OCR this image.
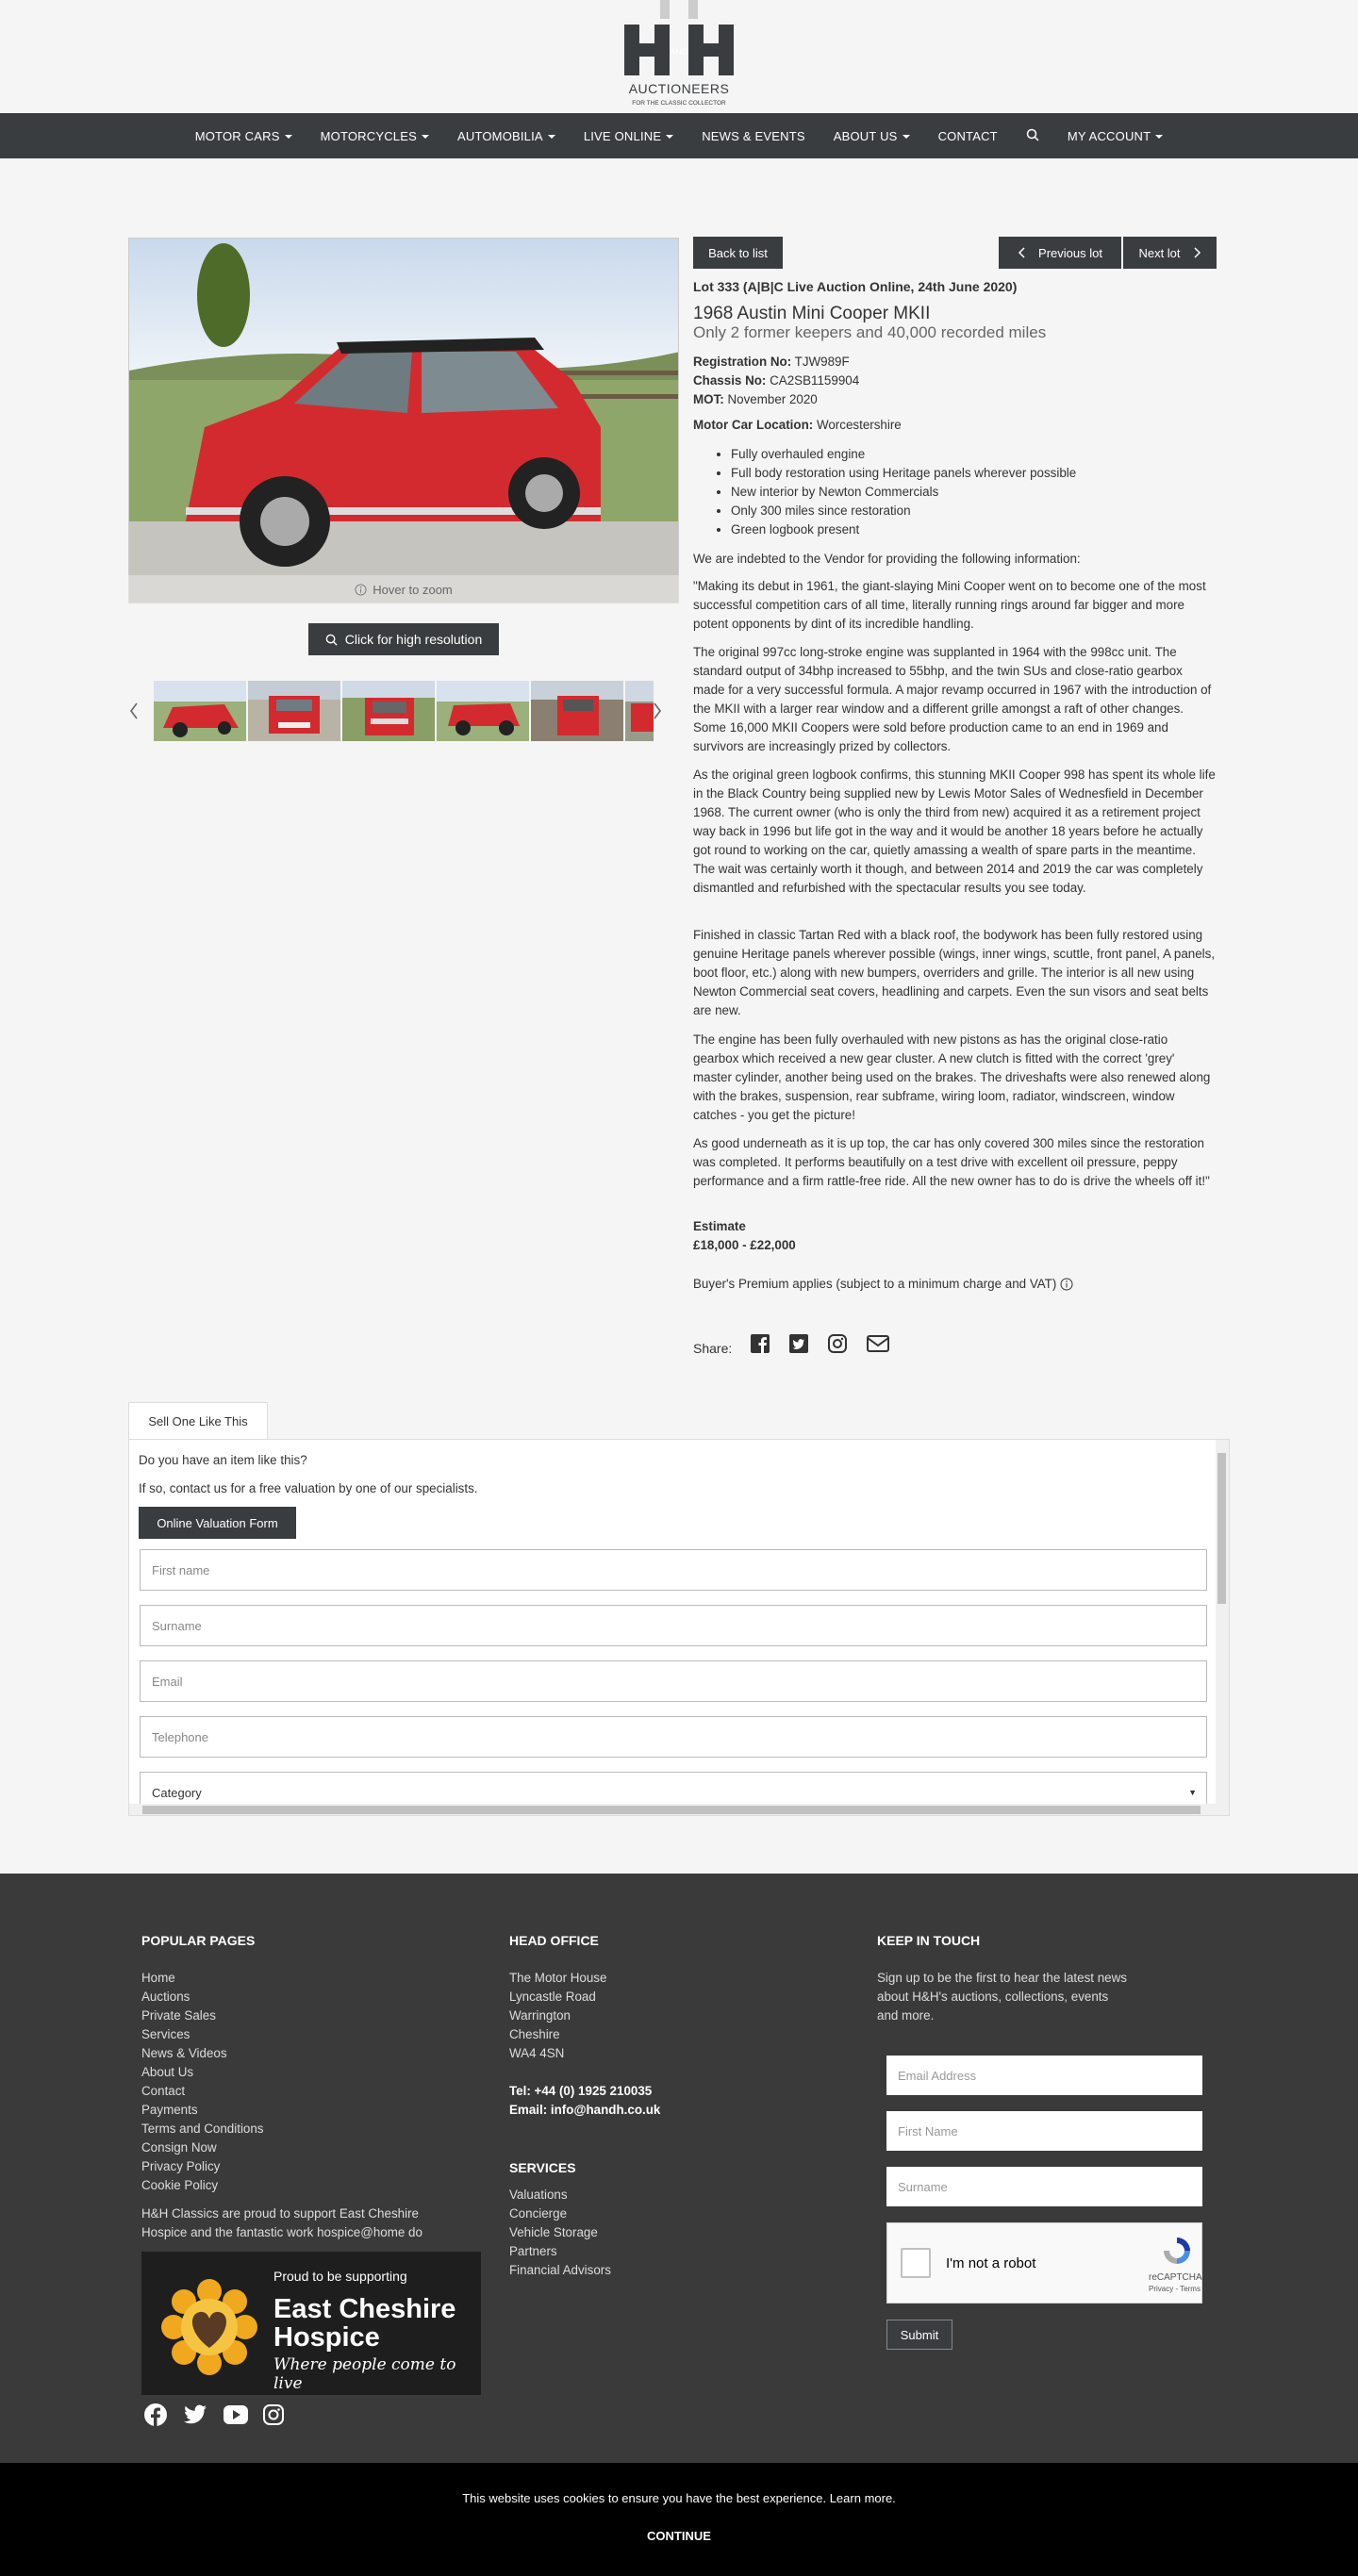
AND
AUCTIONEERS
FOR THE CLASSIC COLLECTOR
MOTOR CARS	MOTORCYCLES	AUTOMOBILIA	LIVE ONLINE	NEWS & EVENTS ABOUT US	CONTACT	MY ACCOUNT
Hover to zoom
Click for high resolution
Back to list	Previous lot	Next lot
Lot 333 (A|B|C Live Auction Online, 24th June 2020)
1968 Austin Mini Cooper MKII
Only 2 former keepers and 40,000 recorded miles
Registration No: TJW989F
Chassis No: CA2SB1159904
MOT: November 2020
Motor Car Location: Worcestershire
• Fully overhauled engine
• Full body restoration using Heritage panels wherever possible
• New interior by Newton Commercials
• Only 300 miles since restoration
• Green logbook present

We are indebted to the Vendor for providing the following information:

"Making its debut in 1961, the giant-slaying Mini Cooper went on to become one of the most successful competition cars of all time, literally running rings around far bigger and more potent opponents by dint of its incredible handling.

The original 997cc long-stroke engine was supplanted in 1964 with the 998cc unit. The standard output of 34bhp increased to 55bhp, and the twin SUs and close-ratio gearbox made for a very successful formula. A major revamp occurred in 1967 with the introduction of the MKII with a larger rear window and a different grille amongst a raft of other changes. Some 16,000 MKII Coopers were sold before production came to an end in 1969 and survivors are increasingly prized by collectors.

As the original green logbook confirms, this stunning MKII Cooper 998 has spent its whole life in the Black Country being supplied new by Lewis Motor Sales of Wednesfield in December 1968. The current owner (who is only the third from new) acquired it as a retirement project way back in 1996 but life got in the way and it would be another 18 years before he actually got round to working on the car, quietly amassing a wealth of spare parts in the meantime. The wait was certainly worth it though, and between 2014 and 2019 the car was completely dismantled and refurbished with the spectacular results you see today.

Finished in classic Tartan Red with a black roof, the bodywork has been fully restored using genuine Heritage panels wherever possible (wings, inner wings, scuttle, front panel, A panels, boot floor, etc.) along with new bumpers, overriders and grille. The interior is all new using Newton Commercial seat covers, headlining and carpets. Even the sun visors and seat belts are new.

The engine has been fully overhauled with new pistons as has the original close-ratio gearbox which received a new gear cluster. A new clutch is fitted with the correct 'grey' master cylinder, another being used on the brakes. The driveshafts were also renewed along with the brakes, suspension, rear subframe, wiring loom, radiator, windscreen, window catches - you get the picture!

As good underneath as it is up top, the car has only covered 300 miles since the restoration was completed. It performs beautifully on a test drive with excellent oil pressure, peppy performance and a firm rattle-free ride. All the new owner has to do is drive the wheels off it!"

Estimate
£18,000 - £22,000
Buyer's Premium applies (subject to a minimum charge and VAT)
Share:
Sell One Like This
Do you have an item like this?
If so, contact us for a free valuation by one of our specialists.
Online Valuation Form
First name
Surname
Email
Telephone
Category	▼
POPULAR PAGES
Home
Auctions
Private Sales
Services
News & Videos
About Us
Contact
Payments
Terms and Conditions
Consign Now
Privacy Policy
Cookie Policy
H&H Classics are proud to support East Cheshire Hospice and the fantastic work hospice@home do
Proud to be supporting
East Cheshire
Hospice
Where people come to live
HEAD OFFICE
The Motor House
Lyncastle Road
Warrington
Cheshire
WA4 4SN
Tel: +44 (0) 1925 210035
Email: info@handh.co.uk
SERVICES
Valuations
Concierge
Vehicle Storage
Partners
Financial Advisors
KEEP IN TOUCH
Sign up to be the first to hear the latest news about H&H's auctions, collections, events and more.
Email Address
First Name
Surname
I'm not a robot
reCAPTCHA
Privacy - Terms
Submit
This website uses cookies to ensure you have the best experience. Learn more.
CONTINUE
